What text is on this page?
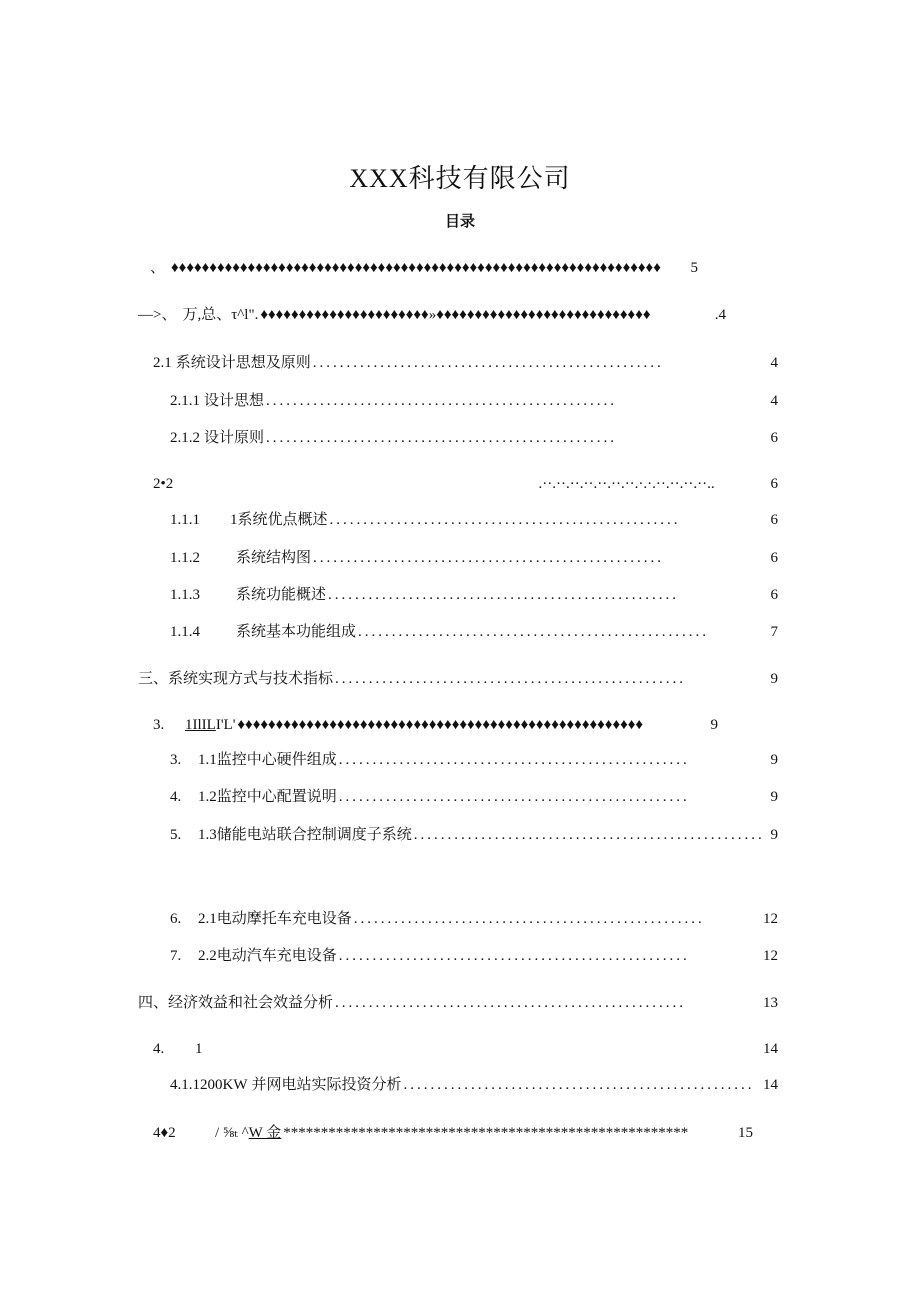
XXX科技有限公司
目录
、 ♦♦♦♦♦♦♦♦♦♦♦♦♦♦♦♦♦♦♦♦♦♦♦♦♦♦♦♦♦♦♦♦♦♦♦♦♦♦♦♦♦♦♦♦♦♦♦♦♦♦♦♦♦♦♦♦♦♦♦♦♦♦♦♦	5
—>、 万,总、τ^l". ♦♦♦♦♦♦♦♦♦♦♦♦♦♦♦♦♦♦♦♦♦♦»♦♦♦♦♦♦♦♦♦♦♦♦♦♦♦♦♦♦♦♦♦♦♦♦♦♦♦♦	.4
2.1 系统设计思想及原则 ....................................................	4
2.1.1 设计思想 ....................................................	4
2.1.2 设计原则 ....................................................	6
2•2	.··.··.··.··.··.··.··.·.·.··.··.··.··..	6
1.1.1	1系统优点概述 ....................................................	6
1.1.2	系统结构图 ....................................................	6
1.1.3	系统功能概述 ....................................................	6
1.1.4	系统基本功能组成 ....................................................	7
三、 系统实现方式与技术指标 ....................................................	9
3.	1IlIL I'L' ♦♦♦♦♦♦♦♦♦♦♦♦♦♦♦♦♦♦♦♦♦♦♦♦♦♦♦♦♦♦♦♦♦♦♦♦♦♦♦♦♦♦♦♦♦♦♦♦♦♦♦♦♦	9
3.	1.1监控中心硬件组成 ....................................................	9
4.	1.2监控中心配置说明 ....................................................	9
5.	1.3储能电站联合控制调度子系统 .................................................... 9
6.	2.1电动摩托车充电设备 ....................................................	12
7.	2.2电动汽车充电设备 ....................................................	12
四、 经济效益和社会效益分析 ....................................................	13
4.	1	14
4.1.1200KW 并网电站实际投资分析 .................................................... 14
4♦2	/ ⅝ₜ ^ W 金 ******************************************************	15
